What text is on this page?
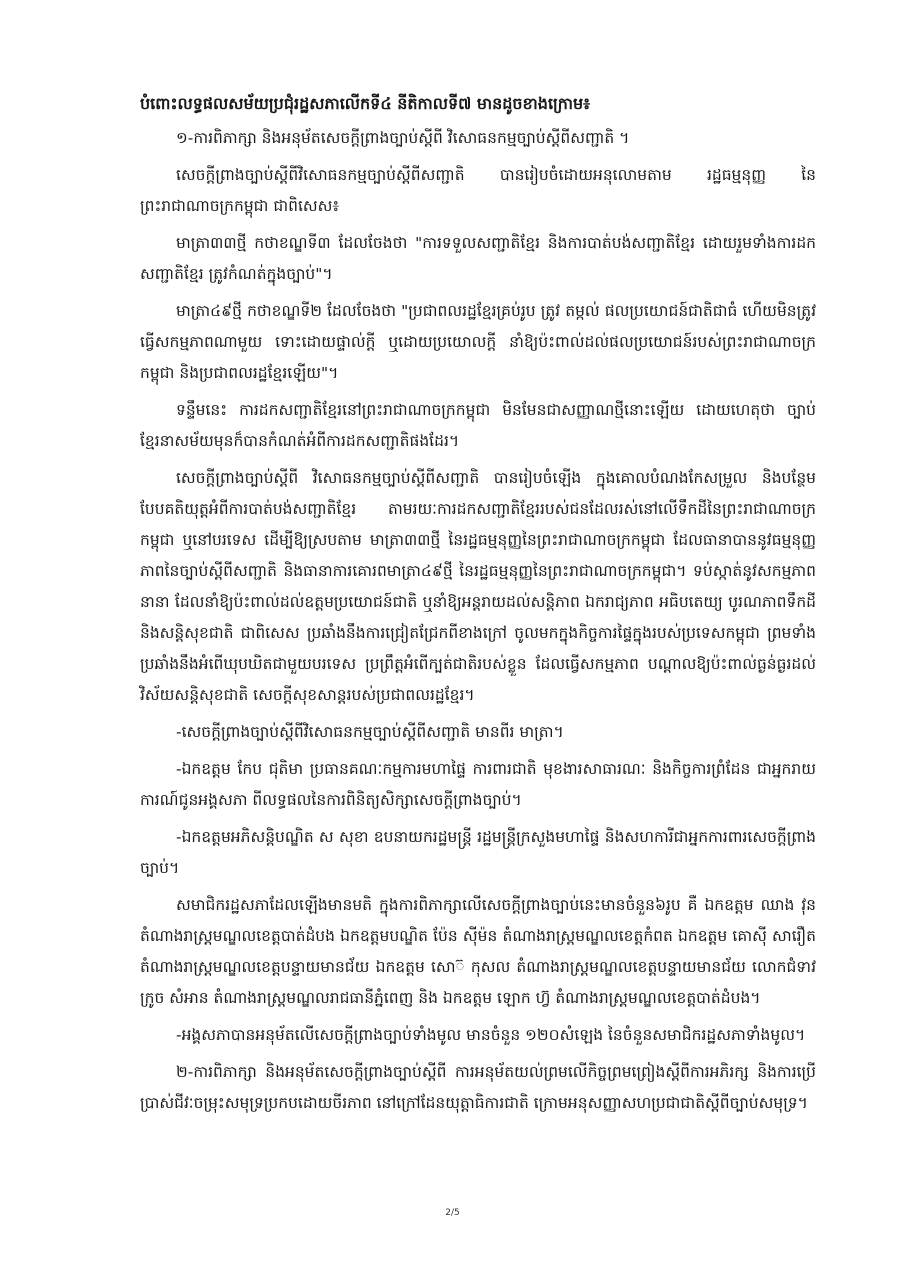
បំពោះលទ្ធផលសម័យប្រជុំរដ្ឋសភាលើកទី៤ នីតិកាលទី៧ មានដូចខាងក្រោម៖

១-ការពិភាក្សា និងអនុម័តសេចក្តីព្រាងច្បាប់ស្តីពី វិសោធនកម្មច្បាប់ស្តីពីសញ្ជាតិ ។

សេចក្តីព្រាងច្បាប់ស្តីពីវិសោធនកម្មច្បាប់ស្តីពីសញ្ជាតិ បានរៀបចំដោយអនុលោមតាម រដ្ឋធម្មនុញ្ញ នៃព្រះរាជាណាចក្រកម្ពុជា ជាពិសេស៖

មាត្រា៣៣ថ្មី កថាខណ្ឌទី៣ ដែលចែងថា "ការទទួលសញ្ជាតិខ្មែរ និងការបាត់បង់សញ្ជាតិខ្មែរ ដោយរួមទាំងការដកសញ្ជាតិខ្មែរ ត្រូវកំណត់ក្នុងច្បាប់"។

មាត្រា៤៩ថ្មី កថាខណ្ឌទី២ ដែលចែងថា "ប្រជាពលរដ្ឋខ្មែរគ្រប់រូប ត្រូវ តម្កល់ ផលប្រយោជន៍ជាតិជាធំ ហើយមិនត្រូវធ្វើសកម្មភាពណាមួយ ទោះដោយផ្ទាល់ក្តី ឬដោយប្រយោលក្តី នាំឱ្យប៉ះពាល់ដល់ផលប្រយោជន៍របស់ព្រះរាជាណាចក្រកម្ពុជា និងប្រជាពលរដ្ឋខ្មែរឡើយ"។

ទន្ទឹមនេះ ការដកសញ្ជាតិខ្មែរនៅព្រះរាជាណាចក្រកម្ពុជា មិនមែនជាសញ្ញាណថ្មីនោះឡើយ ដោយហេតុថា ច្បាប់ខ្មែរនាសម័យមុនក៏បានកំណត់អំពីការដកសញ្ជាតិផងដែរ។

សេចក្តីព្រាងច្បាប់ស្តីពី វិសោធនកម្មច្បាប់ស្តីពីសញ្ជាតិ បានរៀបចំឡើង ក្នុងគោលបំណងកែសម្រួល និងបន្ថែមបែបគតិយុត្តអំពីការបាត់បង់សញ្ជាតិខ្មែរ តាមរយៈការដកសញ្ជាតិខ្មែររបស់ជនដែលរស់នៅលើទឹកដីនៃព្រះរាជាណាចក្រកម្ពុជា ឬនៅបរទេស ដើម្បីឱ្យស្របតាម មាត្រា៣៣ថ្មី នៃរដ្ឋធម្មនុញ្ញនៃព្រះរាជាណាចក្រកម្ពុជា ដែលធានាបាននូវធម្មនុញ្ញភាពនៃច្បាប់ស្តីពីសញ្ជាតិ និងធានាការគោរពមាត្រា៤៩ថ្មី នៃរដ្ឋធម្មនុញ្ញនៃព្រះរាជាណាចក្រកម្ពុជា។ ទប់ស្កាត់នូវសកម្មភាពនានា ដែលនាំឱ្យប៉ះពាល់ដល់ឧត្តមប្រយោជន៍ជាតិ ឬនាំឱ្យអន្តរាយដល់សន្តិភាព ឯករាជ្យភាព អធិបតេយ្យ បូរណភាពទឹកដី និងសន្តិសុខជាតិ ជាពិសេស ប្រឆាំងនឹងការជ្រៀតជ្រែកពីខាងក្រៅ ចូលមកក្នុងកិច្ចការផ្ទៃក្នុងរបស់ប្រទេសកម្ពុជា ព្រមទាំងប្រឆាំងនឹងអំពើឃុបឃិតជាមួយបរទេស ប្រព្រឹត្តអំពើក្បត់ជាតិរបស់ខ្លួន ដែលធ្វើសកម្មភាព បណ្តាលឱ្យប៉ះពាល់ធ្ងន់ធ្ងរដល់វិស័យសន្តិសុខជាតិ សេចក្តីសុខសាន្តរបស់ប្រជាពលរដ្ឋខ្មែរ។

-សេចក្តីព្រាងច្បាប់ស្តីពីវិសោធនកម្មច្បាប់ស្តីពីសញ្ជាតិ មានពីរ មាត្រា។

-ឯកឧត្តម កែប ជុតិមា ប្រធានគណៈកម្មការមហាផ្ទៃ ការពារជាតិ មុខងារសាធារណៈ និងកិច្ចការព្រំដែន ជាអ្នករាយការណ៍ជូនអង្គសភា ពីលទ្ធផលនៃការពិនិត្យសិក្សាសេចក្តីព្រាងច្បាប់។

-ឯកឧត្តមអភិសន្តិបណ្ឌិត ស សុខា ឧបនាយករដ្ឋមន្ត្រី រដ្ឋមន្ត្រីក្រសួងមហាផ្ទៃ និងសហការីជាអ្នកការពារសេចក្តីព្រាងច្បាប់។

សមាជិករដ្ឋសភាដែលឡើងមានមតិ ក្នុងការពិភាក្សាលើសេចក្តីព្រាងច្បាប់នេះមានចំនួន៦រូប គឺ ឯកឧត្តម ឈាង វុន តំណាងរាស្ត្រមណ្ឌលខេត្តបាត់ដំបង ឯកឧត្តមបណ្ឌិត ប៉ែន ស៊ីម៉ន តំណាងរាស្ត្រមណ្ឌលខេត្តកំពត ឯកឧត្តម គោស៊ី សារឿត តំណាងរាស្ត្រមណ្ឌលខេត្តបន្ទាយមានជ័យ ឯកឧត្តម សោ៊ កុសល តំណាងរាស្ត្រមណ្ឌលខេត្តបន្ទាយមានជ័យ លោកជំទាវ ក្រូច សំអាន តំណាងរាស្ត្រមណ្ឌលរាជធានីភ្នំពេញ និង ឯកឧត្តម ឡោក ហ៊្វ តំណាងរាស្ត្រមណ្ឌលខេត្តបាត់ដំបង។

-អង្គសភាបានអនុម័តលើសេចក្តីព្រាងច្បាប់ទាំងមូល មានចំនួន ១២០សំឡេង នៃចំនួនសមាជិករដ្ឋសភាទាំងមូល។

២-ការពិភាក្សា និងអនុម័តសេចក្តីព្រាងច្បាប់ស្តីពី ការអនុម័តយល់ព្រមលើកិច្ចព្រមព្រៀងស្តីពីការអភិរក្ស និងការប្រើប្រាស់ជីវៈចម្រុះសមុទ្រប្រកបដោយចីរភាព នៅក្រៅដែនយុត្តាធិការជាតិ ក្រោមអនុសញ្ញាសហប្រជាជាតិស្តីពីច្បាប់សមុទ្រ។

2/5
